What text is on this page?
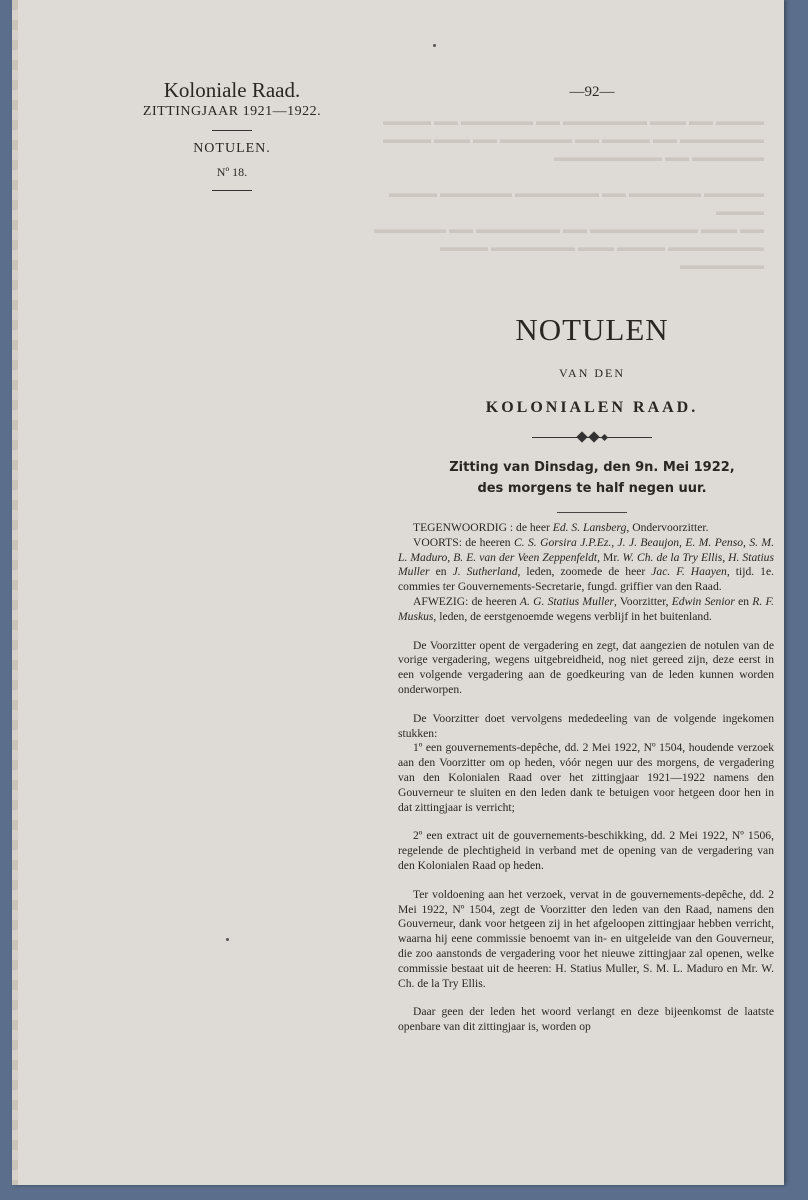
▬▬▬▬ ▬▬ ▬▬▬ ▬▬▬▬▬▬▬ ▬▬ ▬▬▬▬▬▬ ▬▬ ▬▬▬▬
▬▬▬▬▬▬▬ ▬▬ ▬▬▬▬ ▬▬ ▬▬▬▬▬▬ ▬▬ ▬▬▬ ▬▬▬▬
▬▬▬▬▬▬ ▬▬ ▬▬▬▬▬▬▬▬▬

▬▬▬▬▬ ▬▬▬▬▬▬ ▬▬ ▬▬▬▬▬▬▬ ▬▬▬▬▬▬ ▬▬▬▬ ▬▬▬▬
▬▬ ▬▬▬ ▬▬▬▬▬▬▬▬▬ ▬▬ ▬▬▬▬▬▬▬ ▬▬ ▬▬▬▬▬▬
▬▬▬▬▬▬▬▬ ▬▬▬▬ ▬▬▬ ▬▬▬▬▬▬▬ ▬▬▬▬ ▬▬▬▬▬▬▬
Koloniale Raad.
ZITTINGJAAR 1921—1922.
NOTULEN.
Nº 18.
—92—
NOTULEN
VAN DEN
KOLONIALEN RAAD.
Zitting van Dinsdag, den 9n. Mei 1922,
des morgens te half negen uur.

TEGENWOORDIG : de heer Ed. S. Lansberg, Ondervoorzitter.

VOORTS: de heeren C. S. Gorsira J.P.Ez., J. J. Beaujon, E. M. Penso, S. M. L. Maduro, B. E. van der Veen Zeppenfeldt, Mr. W. Ch. de la Try Ellis, H. Statius Muller en J. Sutherland, leden, zoomede de heer Jac. F. Haayen, tijd. 1e. commies ter Gouvernements-Secretarie, fungd. griffier van den Raad.

AFWEZIG: de heeren A. G. Statius Muller, Voorzitter, Edwin Senior en R. F. Muskus, leden, de eerstgenoemde wegens verblijf in het buitenland.

De Voorzitter opent de vergadering en zegt, dat aangezien de notulen van de vorige vergadering, wegens uitgebreidheid, nog niet gereed zijn, deze eerst in een volgende vergadering aan de goedkeuring van de leden kunnen worden onderworpen.

De Voorzitter doet vervolgens mededeeling van de volgende ingekomen stukken:

1º een gouvernements-depêche, dd. 2 Mei 1922, Nº 1504, houdende verzoek aan den Voorzitter om op heden, vóór negen uur des morgens, de vergadering van den Kolonialen Raad over het zittingjaar 1921—1922 namens den Gouverneur te sluiten en den leden dank te betuigen voor hetgeen door hen in dat zittingjaar is verricht;

2º een extract uit de gouvernements-beschikking, dd. 2 Mei 1922, Nº 1506, regelende de plechtigheid in verband met de opening van de vergadering van den Kolonialen Raad op heden.

Ter voldoening aan het verzoek, vervat in de gouvernements-depêche, dd. 2 Mei 1922, Nº 1504, zegt de Voorzitter den leden van den Raad, namens den Gouverneur, dank voor hetgeen zij in het afgeloopen zittingjaar hebben verricht, waarna hij eene commissie benoemt van in- en uitgeleide van den Gouverneur, die zoo aanstonds de vergadering voor het nieuwe zittingjaar zal openen, welke commissie bestaat uit de heeren: H. Statius Muller, S. M. L. Maduro en Mr. W. Ch. de la Try Ellis.

Daar geen der leden het woord verlangt en deze bijeenkomst de laatste openbare van dit zittingjaar is, worden op
